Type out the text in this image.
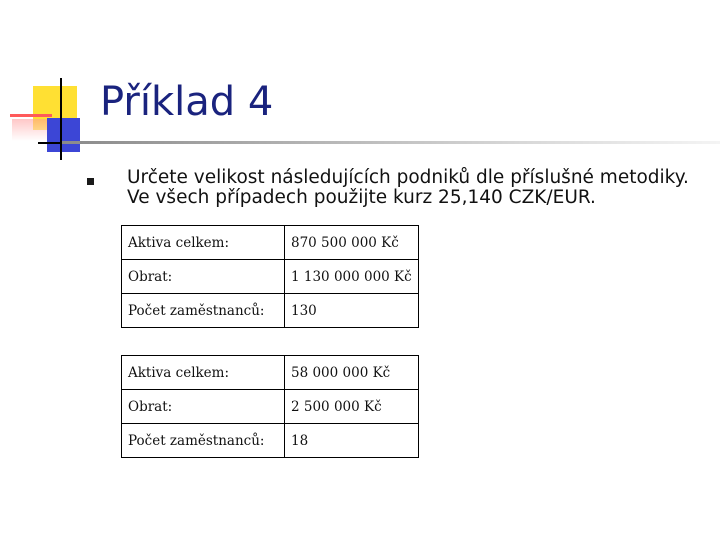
Příklad 4
Určete velikost následujících podniků dle příslušné metodiky. Ve všech případech použijte kurz 25,140 CZK/EUR.
Aktiva celkem:	870 500 000 Kč
Obrat:	1 130 000 000 Kč
Počet zaměstnanců:	130
Aktiva celkem:	58 000 000 Kč
Obrat:	2 500 000 Kč
Počet zaměstnanců:	18
